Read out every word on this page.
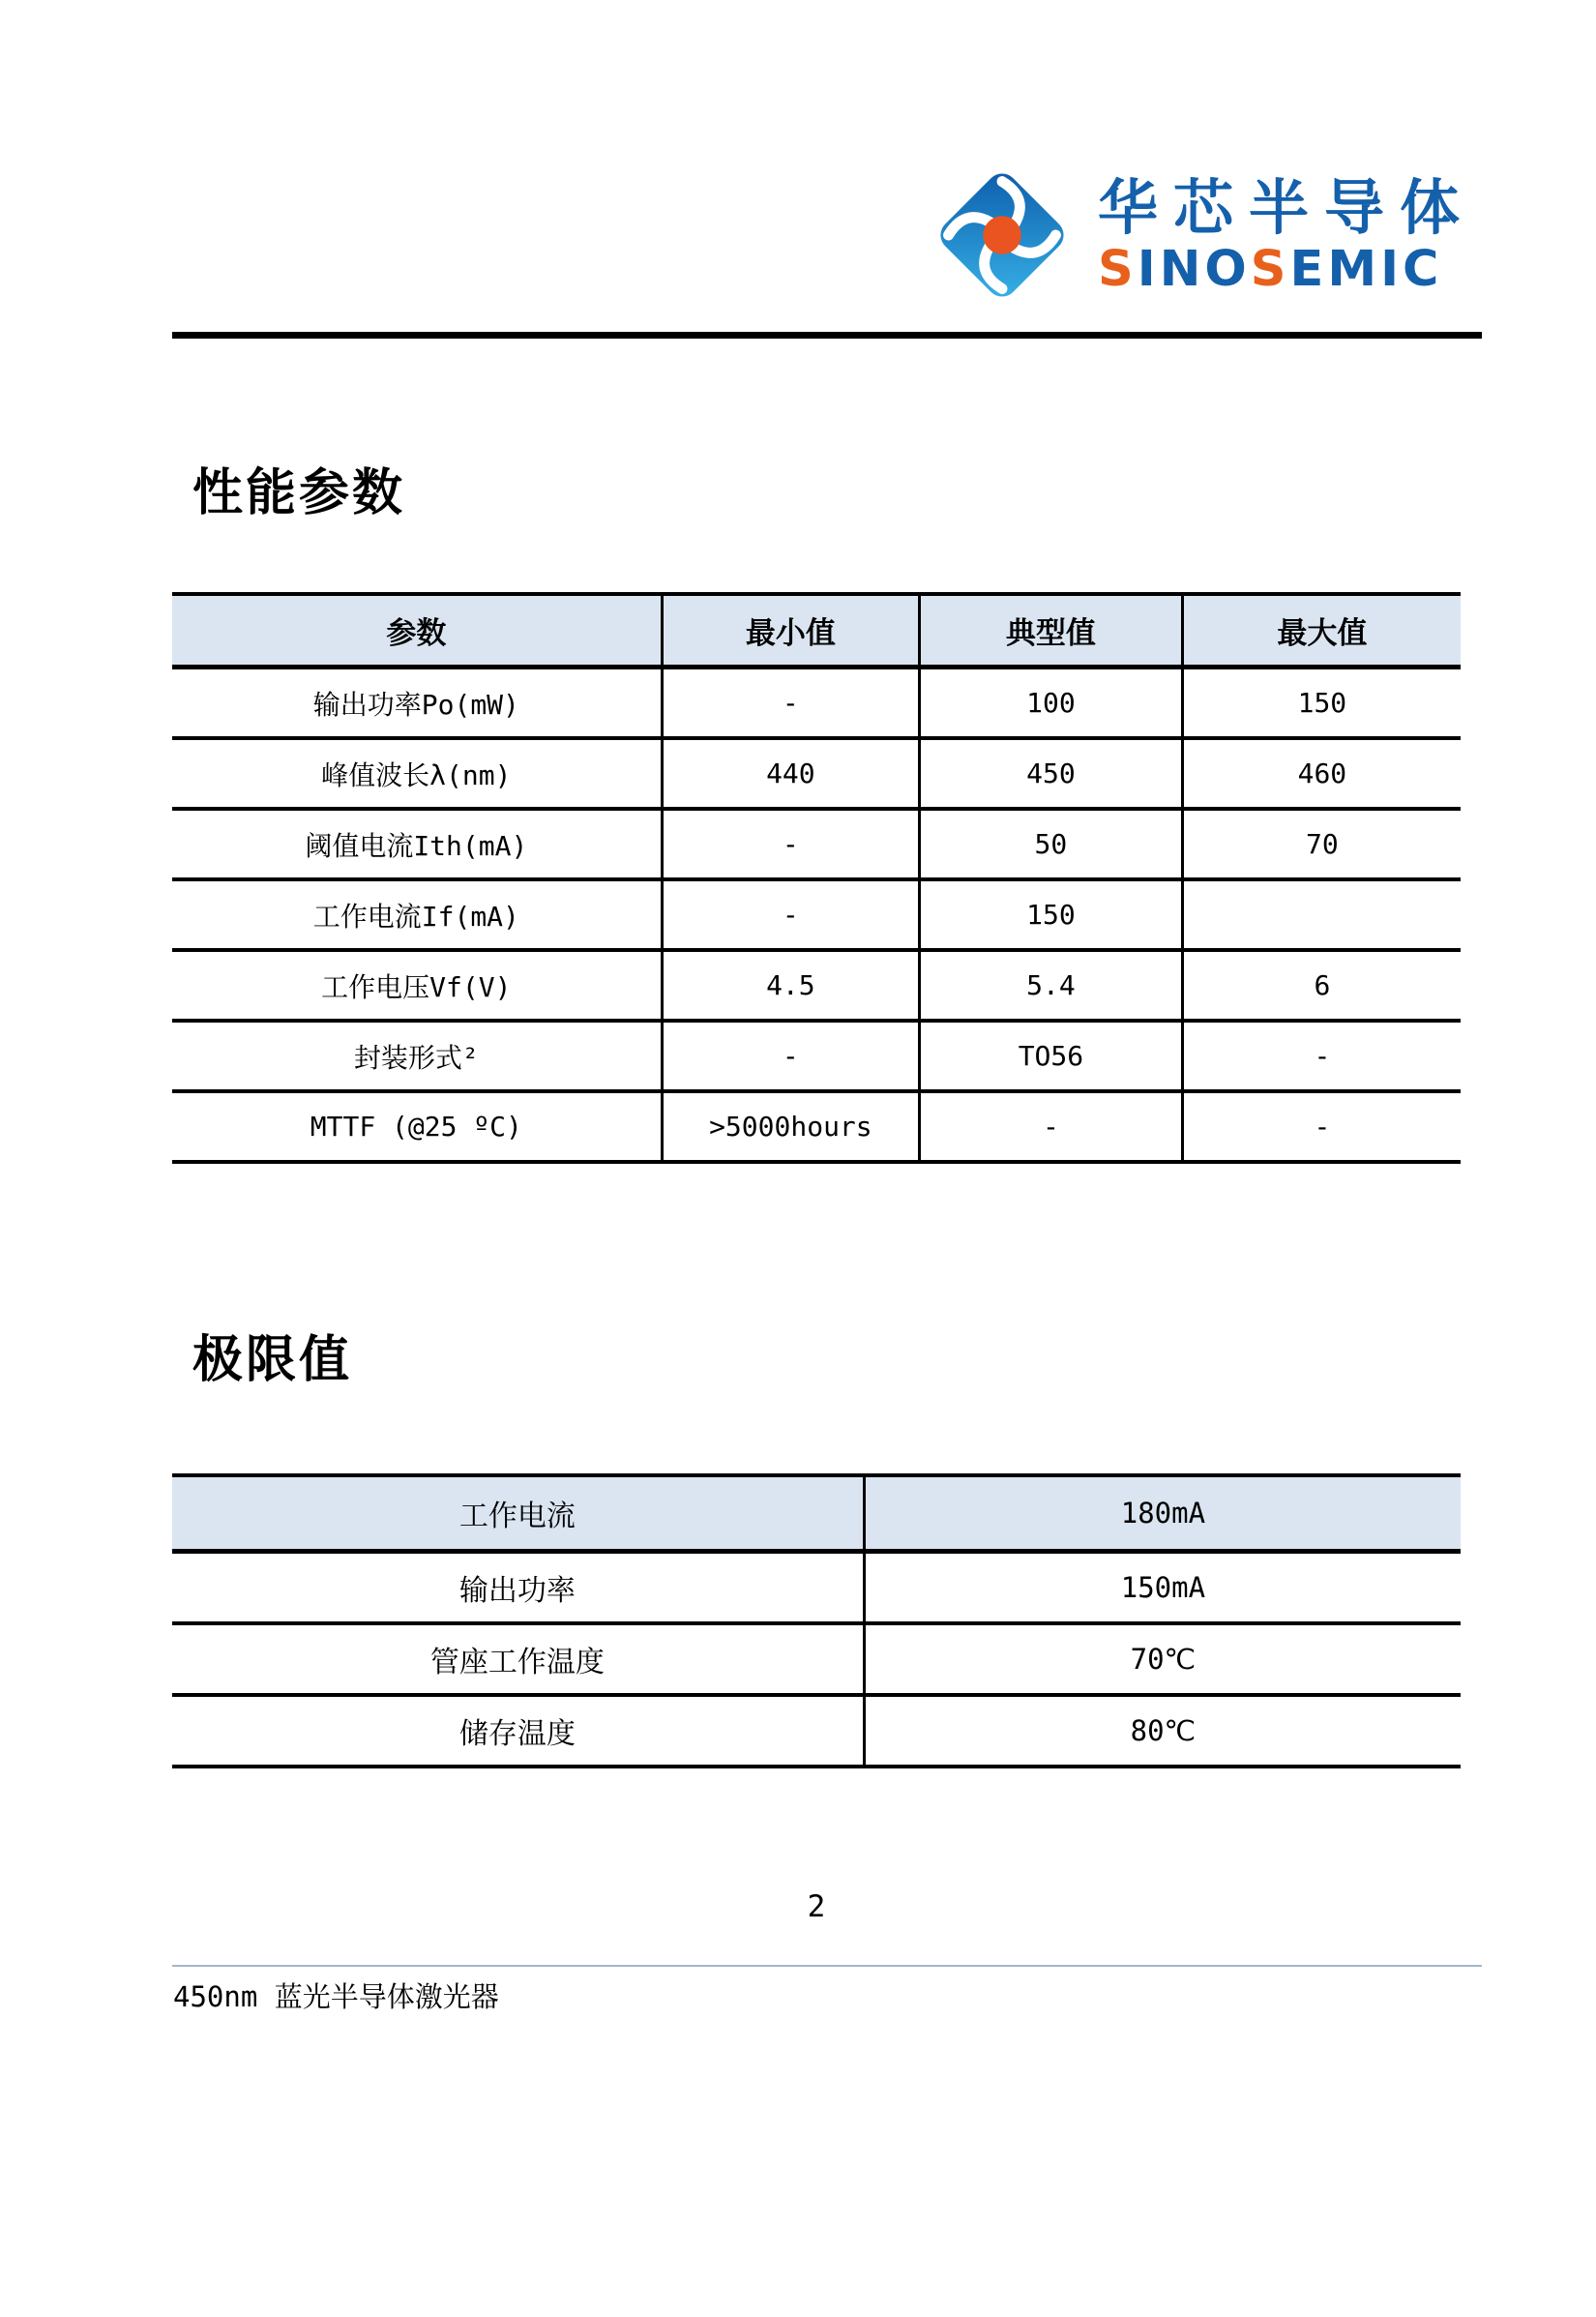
华芯半导体
SINOSEMIC
性能参数
参数	最小值	典型值	最大值
输出功率Po(mW)	-	100	150
峰值波长λ(nm)	440	450	460
阈值电流Ith(mA)	-	50	70
工作电流If(mA)	-	150	
工作电压Vf(V)	4.5	5.4	6
封装形式²	-	TO56	-
MTTF (@25 ºC)	>5000hours	-	-
极限值
工作电流	180mA
输出功率	150mA
管座工作温度	70℃
储存温度	80℃
2
450nm 蓝光半导体激光器
